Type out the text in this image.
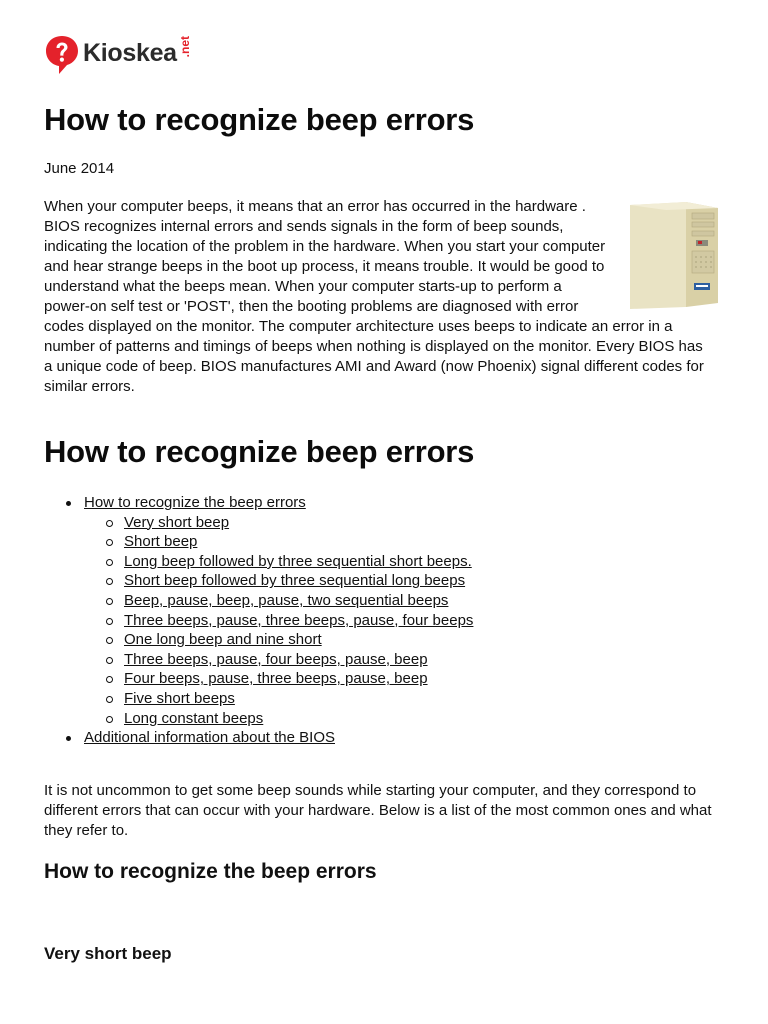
Kioskea .net
How to recognize beep errors

June 2014

When your computer beeps, it means that an error has occurred in the hardware . BIOS recognizes internal errors and sends signals in the form of beep sounds, indicating the location of the problem in the hardware. When you start your computer and hear strange beeps in the boot up process, it means trouble. It would be good to understand what the beeps mean. When your computer starts-up to perform a power-on self test or 'POST', then the booting problems are diagnosed with error codes displayed on the monitor. The computer architecture uses beeps to indicate an error in a number of patterns and timings of beeps when nothing is displayed on the monitor. Every BIOS has a unique code of beep. BIOS manufactures AMI and Award (now Phoenix) signal different codes for similar errors.

How to recognize beep errors
How to recognize the beep errors
Very short beep
Short beep
Long beep followed by three sequential short beeps.
Short beep followed by three sequential long beeps
Beep, pause, beep, pause, two sequential beeps
Three beeps, pause, three beeps, pause, four beeps
One long beep and nine short
Three beeps, pause, four beeps, pause, beep
Four beeps, pause, three beeps, pause, beep
Five short beeps
Long constant beeps
Additional information about the BIOS

It is not uncommon to get some beep sounds while starting your computer, and they correspond to different errors that can occur with your hardware. Below is a list of the most common ones and what they refer to.

How to recognize the beep errors
Very short beep
